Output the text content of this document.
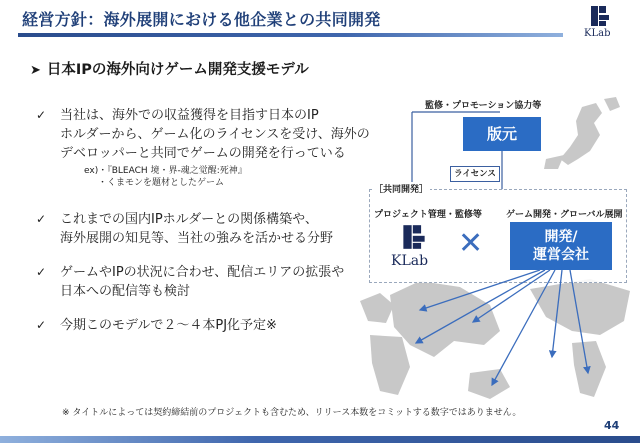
経営方針：海外展開における他企業との共同開発
KLab
➤ 日本IPの海外向けゲーム開発支援モデル
✓ 当社は、海外での収益獲得を目指す日本のIP
ホルダーから、ゲーム化のライセンスを受け、海外の
デベロッパーと共同でゲームの開発を行っている
ex)・『BLEACH 境・界-魂之觉醒:死神』
・くまモンを題材としたゲーム
✓ これまでの国内IPホルダーとの関係構築や、
海外展開の知見等、当社の強みを活かせる分野
✓ ゲームやIPの状況に合わせ、配信エリアの拡張や
日本への配信等も検討
✓ 今期このモデルで２～４本PJ化予定※
監修・プロモーション協力等
版元
ライセンス
［共同開発］
プロジェクト管理・監修等	ゲーム開発・グローバル展開
KLab ✕	開発/
運営会社
※ タイトルによっては契約締結前のプロジェクトも含むため、リリース本数をコミットする数字ではありません。
44
